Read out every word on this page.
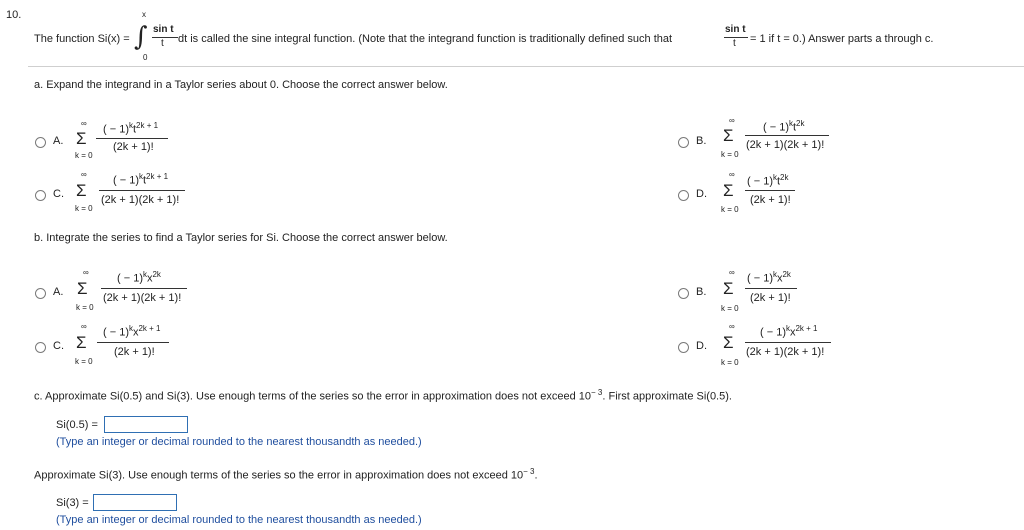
10.
The function Si(x) =
x
∫
0
sin t
t dt is called the sine integral function. (Note that the integrand function is traditionally defined such that
sin t
t = 1 if t = 0.) Answer parts a through c.
a. Expand the integrand in a Taylor series about 0. Choose the correct answer below.
A.
∞
Σ
k = 0
( − $1)^kt^{2k + 1}$
(2k + 1)!	B.
∞
Σ
k = 0
( − $1)^kt^{2k}$
(2k + 1)(2k + 1)!
C.
∞
Σ
k = 0
( − $1)^kt^{2k + 1}$
(2k + 1)(2k + 1)!	D.
∞
Σ
k = 0
( − $1)^kt^{2k}$
(2k + 1)!
b. Integrate the series to find a Taylor series for Si. Choose the correct answer below.
A.
∞
Σ
k = 0
( − $1)^kx^{2k}$
(2k + 1)(2k + 1)!	B.
∞
Σ
k = 0
( − $1)^kx^{2k}$
(2k + 1)!
C.
∞
Σ
k = 0
( − $1)^kx^{2k + 1}$
(2k + 1)!	D.
∞
Σ
k = 0
( − $1)^kx^{2k + 1}$
(2k + 1)(2k + 1)!
c. Approximate Si(0.5) and Si(3). Use enough terms of the series so the error in approximation does not exceed $10^{- 3}$. First approximate Si(0.5).
Si(0.5) =
(Type an integer or decimal rounded to the nearest thousandth as needed.)
Approximate Si(3). Use enough terms of the series so the error in approximation does not exceed $10^{- 3}$.
Si(3) =
(Type an integer or decimal rounded to the nearest thousandth as needed.)
